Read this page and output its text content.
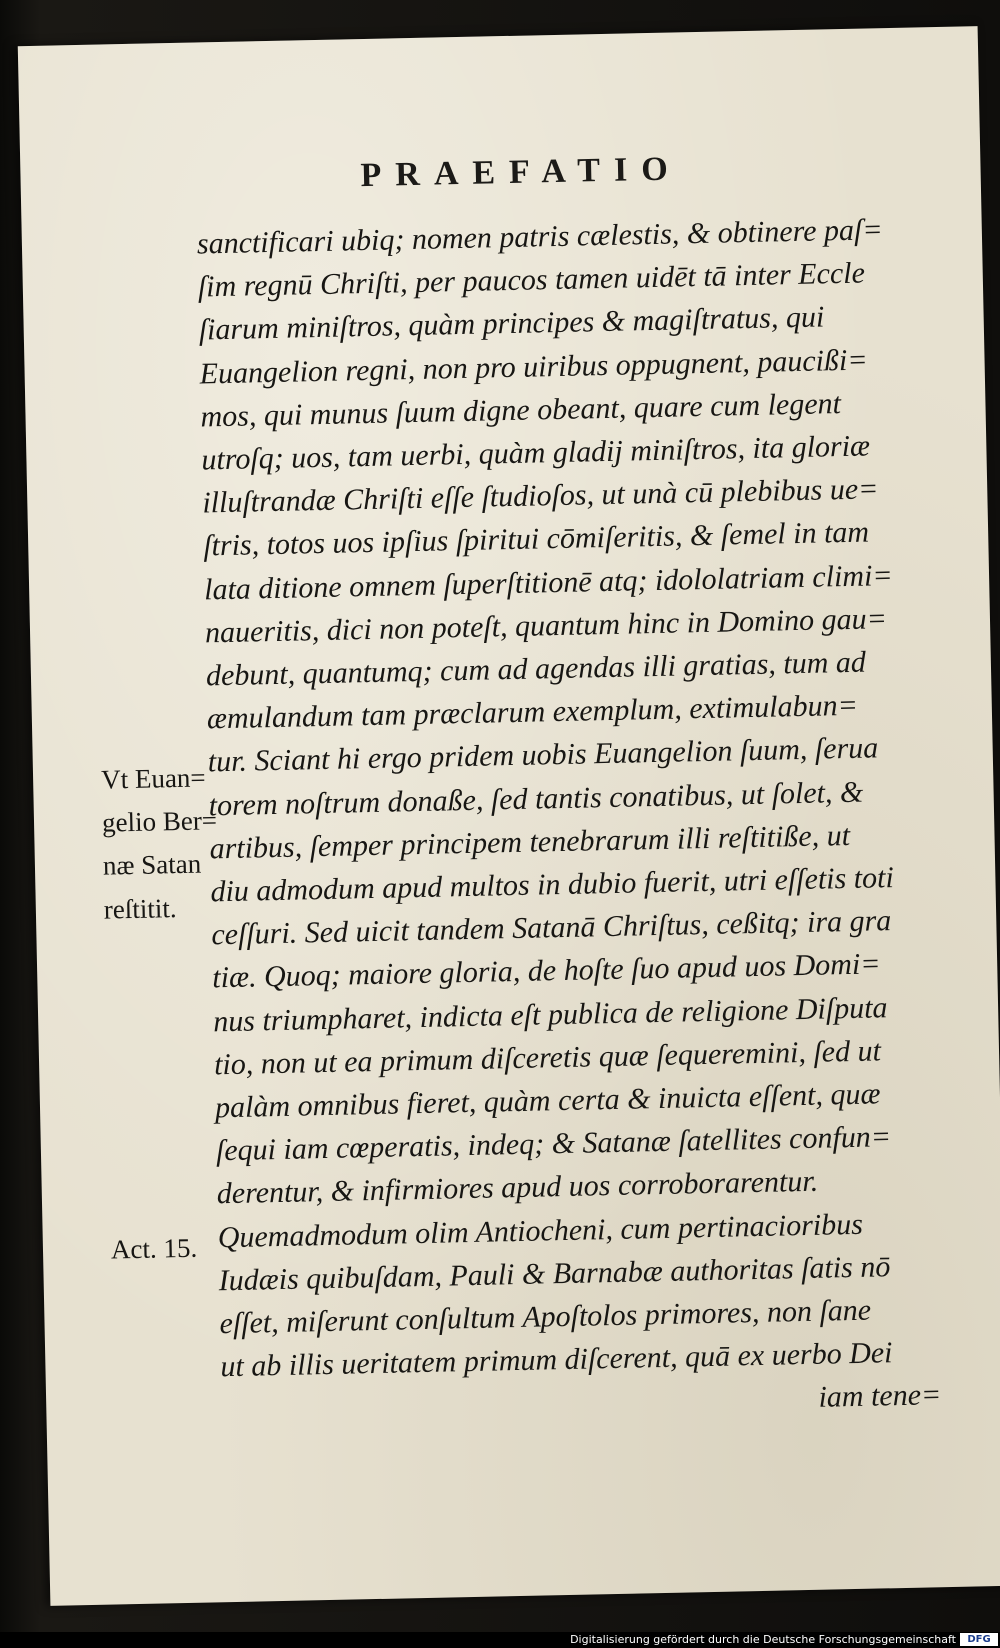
PRAEFATIO
sanctificari ubiq; nomen patris cælestis, & obtinere paſ=
ſim regnū Chriſti, per paucos tamen uidēt tā inter Eccle
ſiarum miniſtros, quàm principes & magiſtratus, qui
Euangelion regni, non pro uiribus oppugnent, paucißi=
mos, qui munus ſuum digne obeant, quare cum legent
utroſq; uos, tam uerbi, quàm gladij miniſtros, ita gloriæ
illuſtrandæ Chriſti eſſe ſtudioſos, ut unà cū plebibus ue=
ſtris, totos uos ipſius ſpiritui cōmiſeritis, & ſemel in tam
lata ditione omnem ſuperſtitionē atq; idololatriam climi=
naueritis, dici non poteſt, quantum hinc in Domino gau=
debunt, quantumq; cum ad agendas illi gratias, tum ad
æmulandum tam præclarum exemplum, extimulabun=
tur. Sciant hi ergo pridem uobis Euangelion ſuum, ſerua
torem noſtrum donaße, ſed tantis conatibus, ut ſolet, &
artibus, ſemper principem tenebrarum illi reſtitiße, ut
diu admodum apud multos in dubio fuerit, utri eſſetis toti
ceſſuri. Sed uicit tandem Satanā Chriſtus, ceßitq; ira gra
tiæ. Quoq; maiore gloria, de hoſte ſuo apud uos Domi=
nus triumpharet, indicta eſt publica de religione Diſputa
tio, non ut ea primum diſceretis quæ ſequeremini, ſed ut
palàm omnibus fieret, quàm certa & inuicta eſſent, quæ
ſequi iam cœperatis, indeq; & Satanæ ſatellites confun=
derentur, & infirmiores apud uos corroborarentur.
Quemadmodum olim Antiocheni, cum pertinacioribus
Iudæis quibuſdam, Pauli & Barnabæ authoritas ſatis nō
eſſet, miſerunt conſultum Apoſtolos primores, non ſane
ut ab illis ueritatem primum diſcerent, quā ex uerbo Dei
iam tene=
Vt Euan=
gelio Ber=
næ Satan
reſtitit.
Act. 15.
Digitalisierung gefördert durch die Deutsche Forschungsgemeinschaft	DFG
